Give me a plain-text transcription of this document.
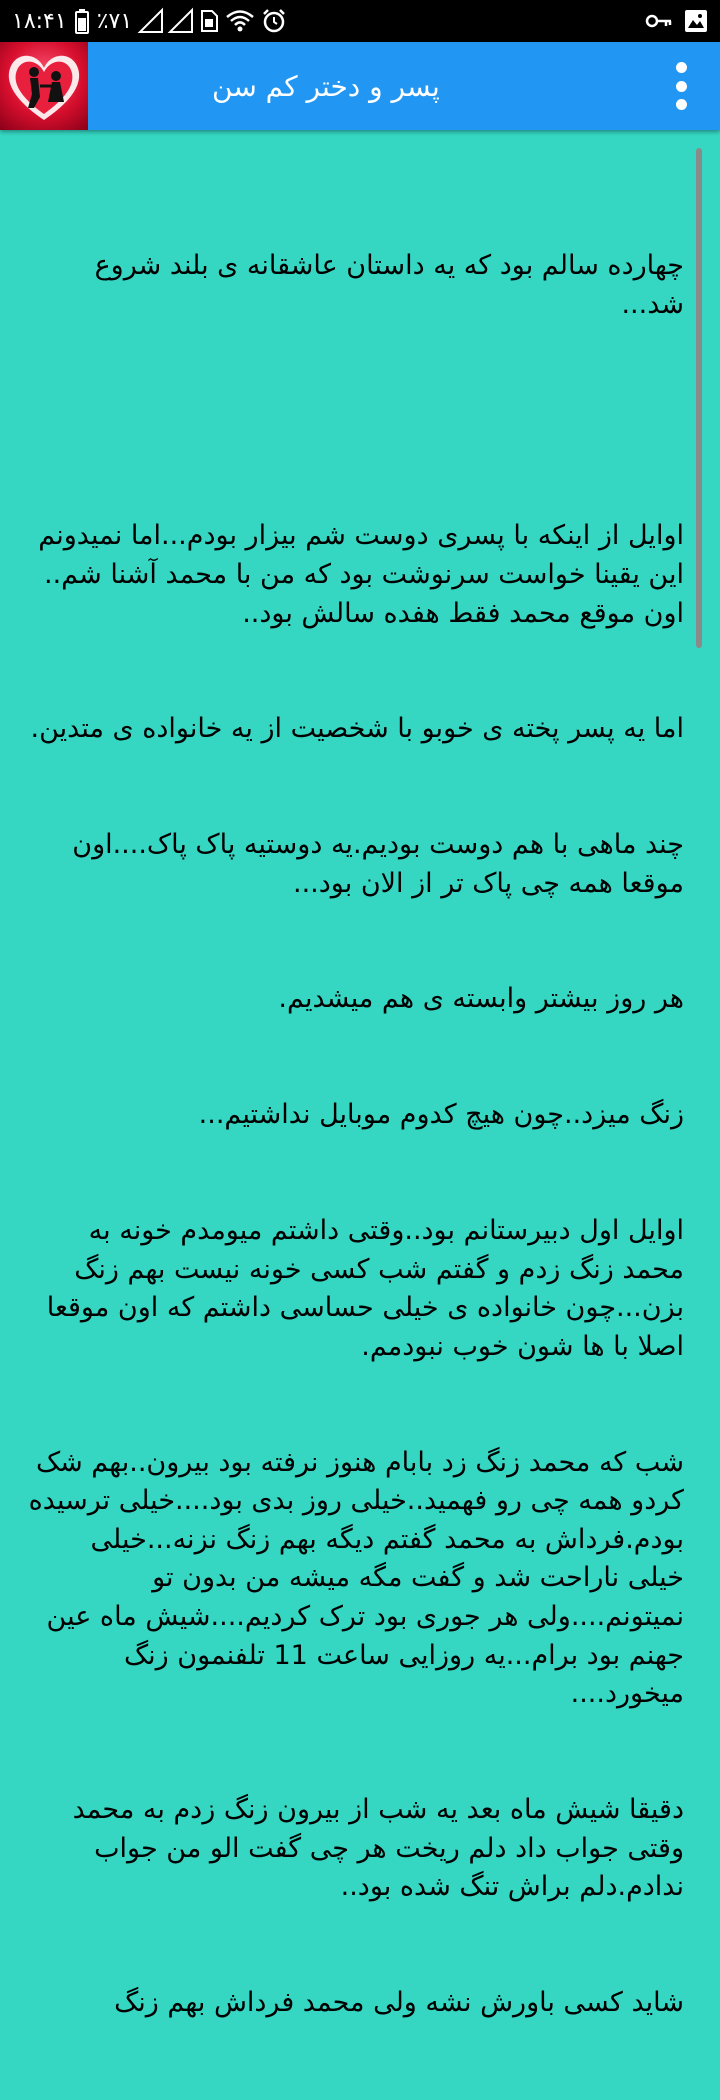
۱۸:۴۱ ٪۷۱
پسر و دختر کم سن

چهارده سالم بود که یه داستان عاشقانه ی بلند شروع شد...

اوایل از اینکه با پسری دوست شم بیزار بودم...اما نمیدونم این یقینا خواست سرنوشت بود که من با محمد آشنا شم.. اون موقع محمد فقط هفده سالش بود..

اما یه پسر پخته ی خوبو با شخصیت از یه خانواده ی متدین.

چند ماهی با هم دوست بودیم.یه دوستیه پاک پاک....اون موقعا همه چی پاک تر از الان بود...

هر روز بیشتر وابسته ی هم میشدیم.

زنگ میزد..چون هیچ کدوم موبایل نداشتیم...

اوایل اول دبیرستانم بود..وقتی داشتم میومدم خونه به محمد زنگ زدم و گفتم شب کسی خونه نیست بهم زنگ بزن...چون خانواده ی خیلی حساسی داشتم که اون موقعا اصلا با ها شون خوب نبودمم.

شب که محمد زنگ زد بابام هنوز نرفته بود بیرون..بهم شک کردو همه چی رو فهمید..خیلی روز بدی بود....خیلی ترسیده بودم.فرداش به محمد گفتم دیگه بهم زنگ نزنه...خیلی خیلی ناراحت شد و گفت مگه میشه من بدون تو نمیتونم....ولی هر جوری بود ترک کردیم....شیش ماه عین جهنم بود برام...یه روزایی ساعت 11 تلفنمون زنگ میخورد....

دقیقا شیش ماه بعد یه شب از بیرون زنگ زدم به محمد وقتی جواب داد دلم ریخت هر چی گفت الو من جواب ندادم.دلم براش تنگ شده بود..

شاید کسی باورش نشه ولی محمد فرداش بهم زنگ
